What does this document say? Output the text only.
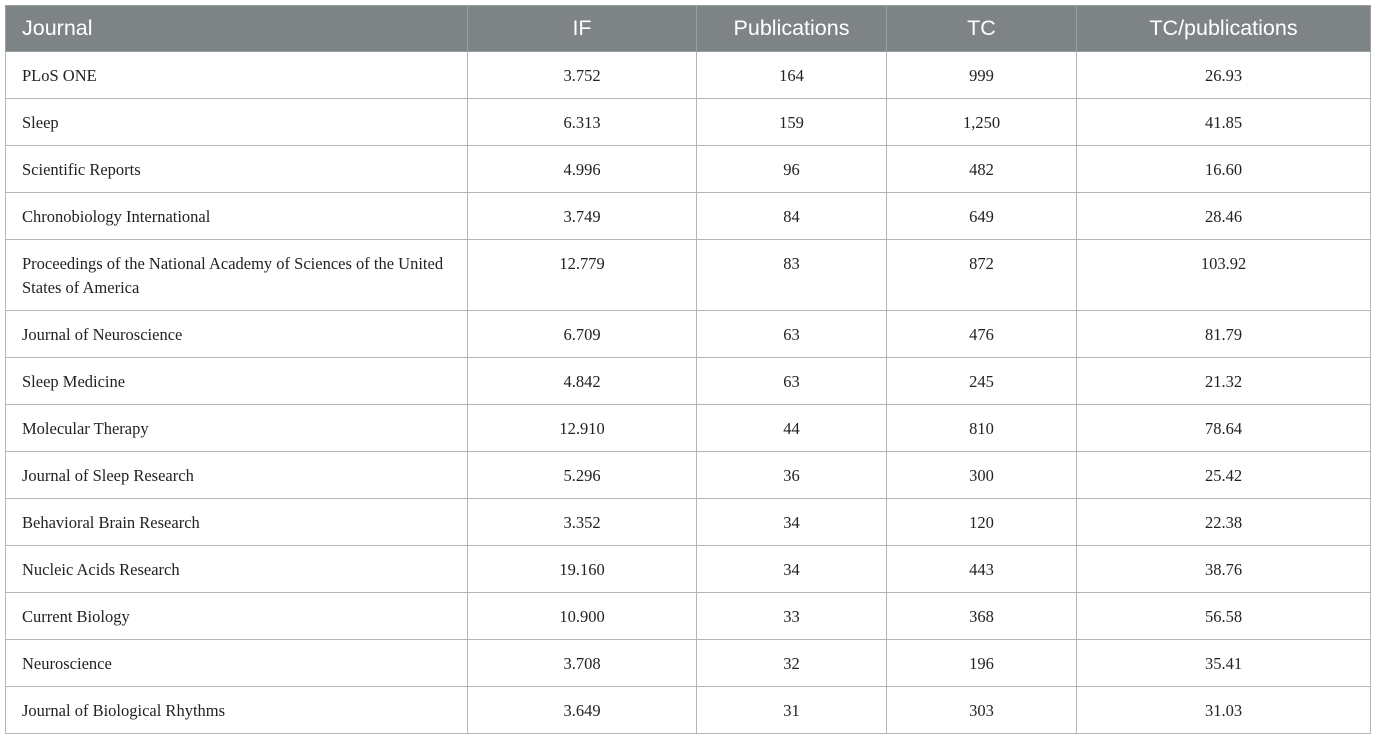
Journal	IF	Publications	TC	TC/publications
PLoS ONE	3.752	164	999	26.93
Sleep	6.313	159	1,250	41.85
Scientific Reports	4.996	96	482	16.60
Chronobiology International	3.749	84	649	28.46
Proceedings of the National Academy of Sciences of the United States of America	12.779	83	872	103.92
Journal of Neuroscience	6.709	63	476	81.79
Sleep Medicine	4.842	63	245	21.32
Molecular Therapy	12.910	44	810	78.64
Journal of Sleep Research	5.296	36	300	25.42
Behavioral Brain Research	3.352	34	120	22.38
Nucleic Acids Research	19.160	34	443	38.76
Current Biology	10.900	33	368	56.58
Neuroscience	3.708	32	196	35.41
Journal of Biological Rhythms	3.649	31	303	31.03
